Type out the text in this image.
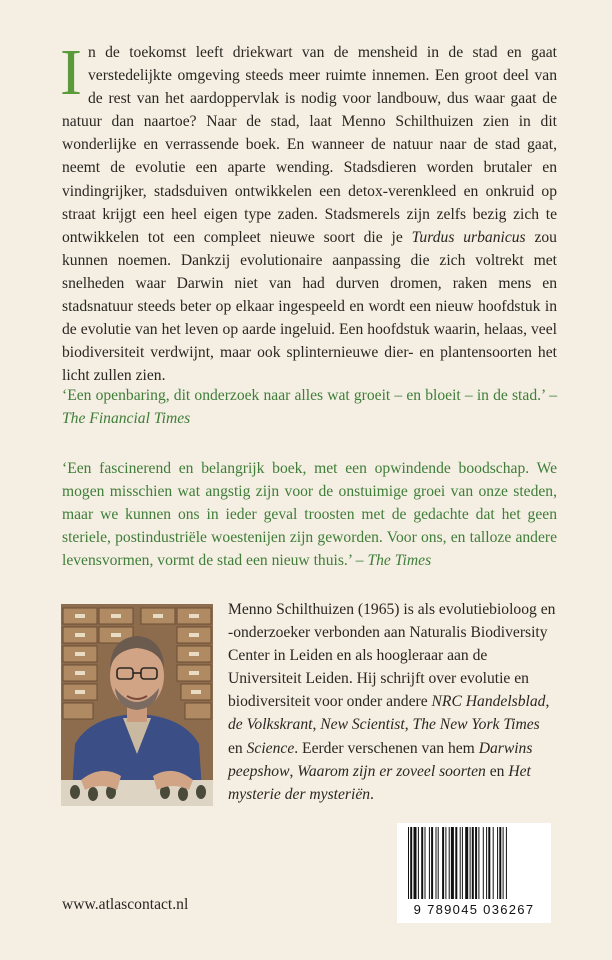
In de toekomst leeft driekwart van de mensheid in de stad en gaat verstedelijkte omgeving steeds meer ruimte innemen. Een groot deel van de rest van het aardoppervlak is nodig voor landbouw, dus waar gaat de natuur dan naartoe? Naar de stad, laat Menno Schilthuizen zien in dit wonderlijke en verrassende boek. En wanneer de natuur naar de stad gaat, neemt de evolutie een aparte wending. Stadsdieren worden brutaler en vindingrijker, stadsduiven ontwikkelen een detox-verenkleed en onkruid op straat krijgt een heel eigen type zaden. Stadsmerels zijn zelfs bezig zich te ontwikkelen tot een compleet nieuwe soort die je Turdus urbanicus zou kunnen noemen. Dankzij evolutionaire aanpassing die zich voltrekt met snelheden waar Darwin niet van had durven dromen, raken mens en stadsnatuur steeds beter op elkaar ingespeeld en wordt een nieuw hoofdstuk in de evolutie van het leven op aarde ingeluid. Een hoofdstuk waarin, helaas, veel biodiversiteit verdwijnt, maar ook splinternieuwe dier- en plantensoorten het licht zullen zien.

‘Een openbaring, dit onderzoek naar alles wat groeit – en bloeit – in de stad.’ – The Financial Times
‘Een fascinerend en belangrijk boek, met een opwindende boodschap. We mogen misschien wat angstig zijn voor de onstuimige groei van onze steden, maar we kunnen ons in ieder geval troosten met de gedachte dat het geen steriele, postindustriële woestenijen zijn geworden. Voor ons, en talloze andere levensvormen, vormt de stad een nieuw thuis.’ – The Times
Menno Schilthuizen (1965) is als evolutiebioloog en -onderzoeker verbonden aan Naturalis Biodiversity Center in Leiden en als hoogleraar aan de Universiteit Leiden. Hij schrijft over evolutie en biodiversiteit voor onder andere NRC Handelsblad, de Volkskrant, New Scientist, The New York Times en Science. Eerder verschenen van hem Darwins peepshow, Waarom zijn er zoveel soorten en Het mysterie der mysteriën.
www.atlascontact.nl	9 789045 036267
